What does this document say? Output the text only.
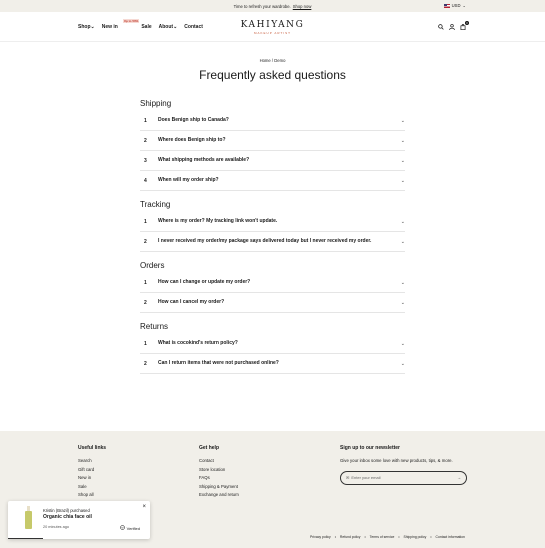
Time to refresh your wardrobe. Shop now	USD ⌄
Shop⌄ New in
$^{Up to 50\%}$Sale About⌄ Contact	KAHIYANG
MAKEUP ARTIST
0
Home / Demo
Frequently asked questions
Shipping
1	Does Benign ship to Canada?	⌄
2	Where does Benign ship to?	⌄
3	What shipping methods are available?	⌄
4	When will my order ship?	⌄
Tracking
1	Where is my order? My tracking link won't update.	⌄
2	I never received my order/my package says delivered today but I never received my order.	⌄
Orders
1	How can I change or update my order?	⌄
2	How can I cancel my order?	⌄
Returns
1	What is cocokind's return policy?	⌄
2	Can I return items that were not purchased online?	⌄
Useful links
Search
Gift card
New in
Sale
Shop all
Get help
Contact
Store location
FAQs
Shipping & Payment
Exchange and return
Sign up to our newsletter

Give your inbox some love with new products, tips, & more.

✉ Enter your email	→
Privacy policy • Refund policy • Terms of service • Shipping policy • Contact information
Kristin (Brazil) purchased
Organic chia face oil
20 minutes ago
×
Verified
